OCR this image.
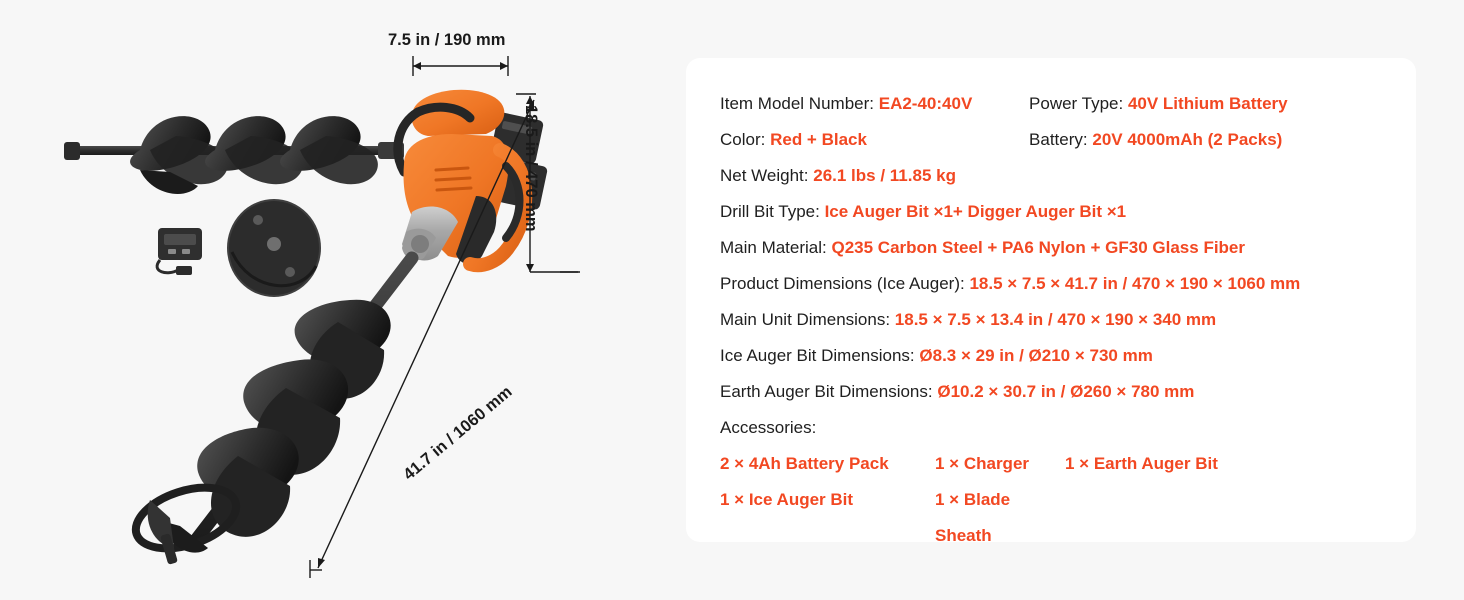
7.5 in / 190 mm
18.5 in / 470 mm
41.7 in / 1060 mm
Item Model Number: EA2-40:40V	Power Type: 40V Lithium Battery
Color: Red + Black	Battery: 20V 4000mAh (2 Packs)
Net Weight: 26.1 lbs / 11.85 kg
Drill Bit Type: Ice Auger Bit ×1+ Digger Auger Bit ×1
Main Material: Q235 Carbon Steel + PA6 Nylon + GF30 Glass Fiber
Product Dimensions (Ice Auger): 18.5 × 7.5 × 41.7 in / 470 × 190 × 1060 mm
Main Unit Dimensions: 18.5 × 7.5 × 13.4 in / 470 × 190 × 340 mm
Ice Auger Bit Dimensions: Ø8.3 × 29 in / Ø210 × 730 mm
Earth Auger Bit Dimensions: Ø10.2 × 30.7 in / Ø260 × 780 mm
Accessories:
2 × 4Ah Battery Pack	1 × Charger	1 × Earth Auger Bit
1 × Ice Auger Bit	1 × Blade Sheath
